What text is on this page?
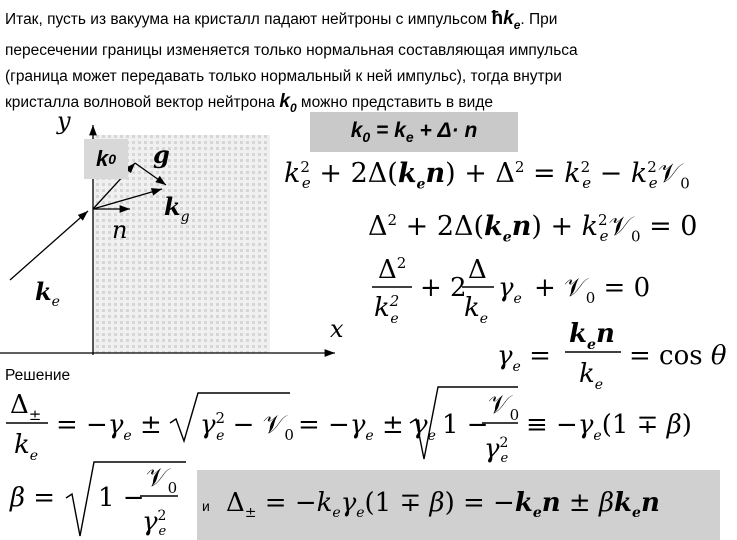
Итак, пусть из вакуума на кристалл падают нейтроны с импульсом $ħk_e$. При
пересечении границы изменяется только нормальная составляющая импульса
(граница может передавать только нормальный к ней импульс), тогда внутри
кристалла волновой вектор нейтрона $k_0$ можно представить в виде
$k_0 = k_e + \Delta\cdot n$
y
x
g
$k_g$
n
$k_e$
k 0	$k^2_e + 2\Delta(k_en) + \Delta^2 = k^2_e$ − $k^2_e𝒱_0$
$\Delta^2 + 2\Delta(k_en)$ + $k^2_e𝒱_0 = 0$
$\Delta^2$
$k^2$ e
+ 2
Δ
$k_e$
$\gamma_e$ + 𝒱$_0$ = 0
$\gamma_e$ =
$k_en$
$k_e$
= cos θ
Решение
$\Delta_\pm$
$k_e$
= $-\gamma_e \pm \gamma^2$ e − 𝒱$_0$ = $-\gamma_e \pm \gamma_e$ 1 −
𝒱$_0$
$\gamma^2$ e
≡ $-\gamma_e(1 \mp \beta)$
β = 1 −
𝒱$_0$
$\gamma^2$ e
и $\Delta_\pm = -k_e\gamma_e(1 \mp \beta) = -k_en \pm \beta k_en$
